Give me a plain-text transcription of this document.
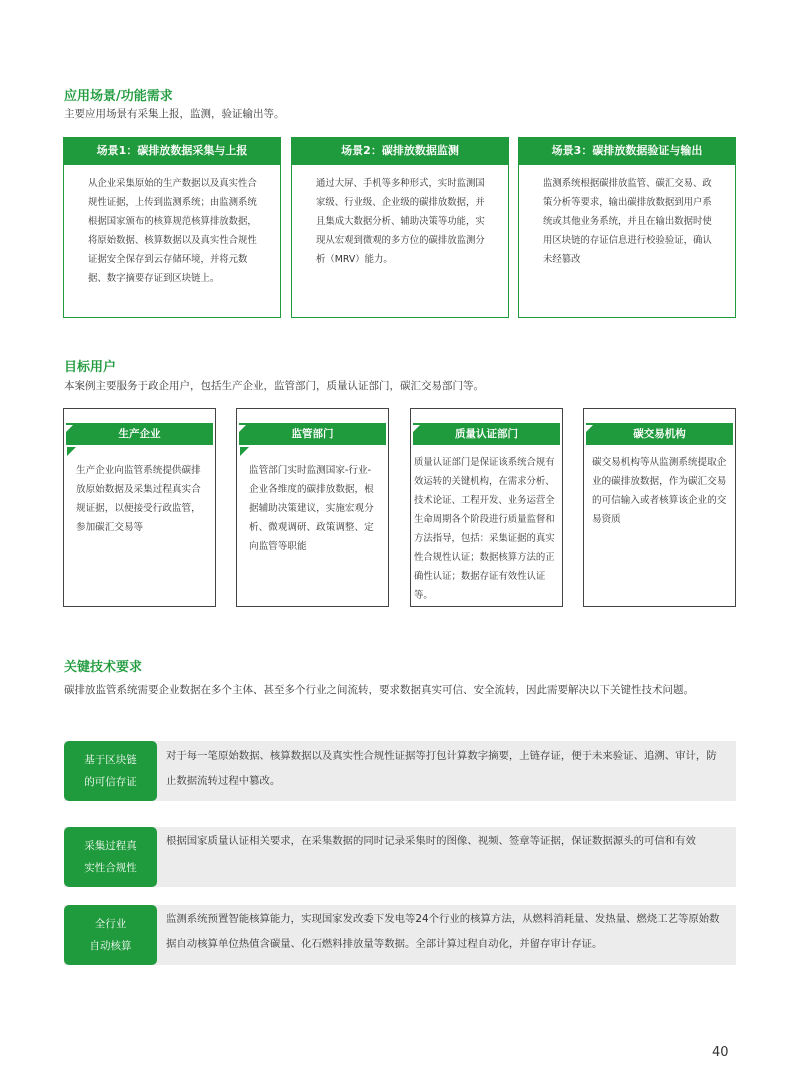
应用场景/功能需求
主要应用场景有采集上报，监测，验证输出等。
场景1：碳排放数据采集与上报
从企业采集原始的生产数据以及真实性合规性证据，上传到监测系统；由监测系统根据国家颁布的核算规范核算排放数据，将原始数据、核算数据以及真实性合规性证据安全保存到云存储环境，并将元数据、数字摘要存证到区块链上。
场景2：碳排放数据监测
通过大屏、手机等多种形式，实时监测国家级、行业级、企业级的碳排放数据，并且集成大数据分析、辅助决策等功能，实现从宏观到微观的多方位的碳排放监测分析（MRV）能力。
场景3：碳排放数据验证与输出
监测系统根据碳排放监管、碳汇交易、政策分析等要求，输出碳排放数据到用户系统或其他业务系统，并且在输出数据时使用区块链的存证信息进行校验验证，确认未经篡改
目标用户
本案例主要服务于政企用户，包括生产企业，监管部门，质量认证部门，碳汇交易部门等。
生产企业
生产企业向监管系统提供碳排放原始数据及采集过程真实合规证据，以便接受行政监管，参加碳汇交易等
监管部门
监管部门实时监测国家-行业-企业各维度的碳排放数据，根据辅助决策建议，实施宏观分析、微观调研、政策调整、定向监管等职能
质量认证部门
质量认证部门是保证该系统合规有效运转的关键机构，在需求分析、技术论证、工程开发、业务运营全生命周期各个阶段进行质量监督和方法指导，包括：采集证据的真实性合规性认证；数据核算方法的正确性认证；数据存证有效性认证等。
碳交易机构
碳交易机构等从监测系统提取企业的碳排放数据，作为碳汇交易的可信输入或者核算该企业的交易资质
关键技术要求
碳排放监管系统需要企业数据在多个主体、甚至多个行业之间流转，要求数据真实可信、安全流转，因此需要解决以下关键性技术问题。
基于区块链
的可信存证
对于每一笔原始数据、核算数据以及真实性合规性证据等打包计算数字摘要，上链存证，便于未来验证、追溯、审计，防止数据流转过程中篡改。
采集过程真
实性合规性
根据国家质量认证相关要求，在采集数据的同时记录采集时的图像、视频、签章等证据，保证数据源头的可信和有效
全行业
自动核算
监测系统预置智能核算能力，实现国家发改委下发电等24个行业的核算方法，从燃料消耗量、发热量、燃烧工艺等原始数据自动核算单位热值含碳量、化石燃料排放量等数据。全部计算过程自动化，并留存审计存证。
40
